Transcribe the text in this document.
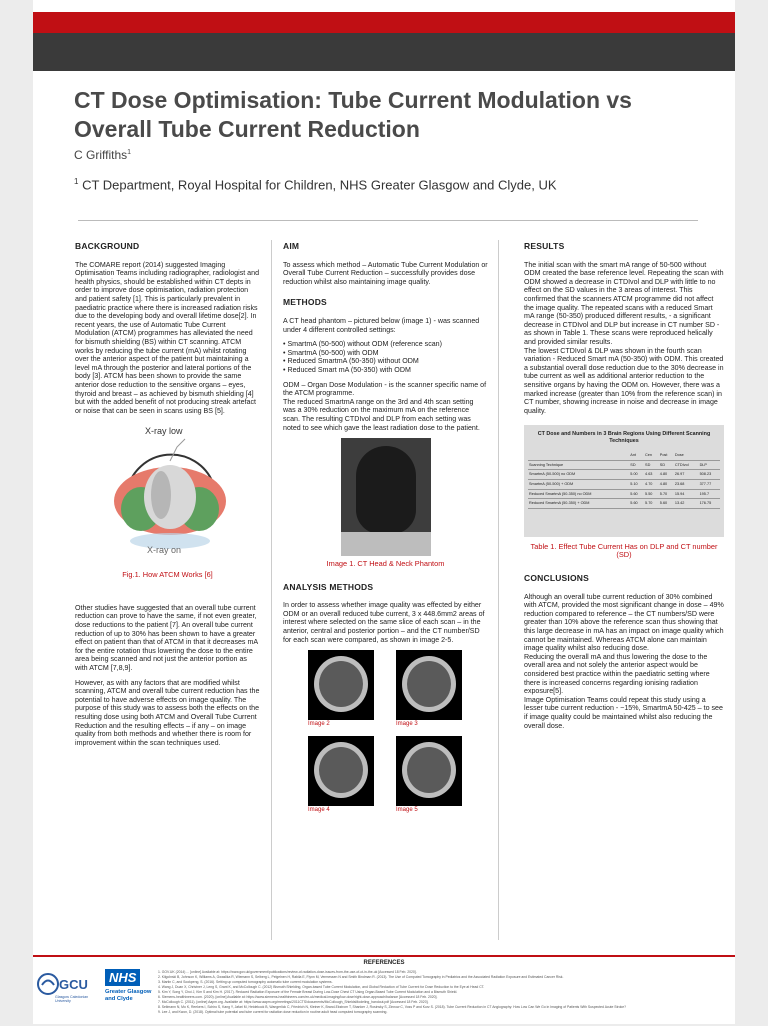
CT Dose Optimisation: Tube Current Modulation vs Overall Tube Current Reduction
C Griffiths$^1$
$^1$ CT Department, Royal Hospital for Children, NHS Greater Glasgow and Clyde, UK
BACKGROUND

The COMARE report (2014) suggested Imaging Optimisation Teams including radiographer, radiologist and health physics, should be established within CT depts in order to improve dose optimisation, radiation protection and patient safety [1]. This is particularly prevalent in paediatric practice where there is increased radiation risks due to the developing body and overall lifetime dose[2]. In recent years, the use of Automatic Tube Current Modulation (ATCM) programmes has alleviated the need for bismuth shielding (BS) within CT scanning. ATCM works by reducing the tube current (mA) whilst rotating over the anterior aspect of the patient but maintaining a level mA through the posterior and lateral portions of the body [3]. ATCM has been shown to provide the same anterior dose reduction to the sensitive organs – eyes, thyroid and breast – as achieved by bismuth shielding [4] but with the added benefit of not producing streak artefact or noise that can be seen in scans using BS [5].

X-ray low
X-ray on
Fig.1. How ATCM Works [6]

Other studies have suggested that an overall tube current reduction can prove to have the same, if not even greater, dose reductions to the patient [7]. An overall tube current reduction of up to 30% has been shown to have a greater effect on patient than that of ATCM in that it decreases mA for the entire rotation thus lowering the dose to the entire area being scanned and not just the anterior portion as with ATCM [7,8,9].

However, as with any factors that are modified whilst scanning, ATCM and overall tube current reduction has the potential to have adverse effects on image quality. The purpose of this study was to assess both the effects on the resulting dose using both ATCM and Overall Tube Current Reduction and the resulting effects – if any – on image quality from both methods and whether there is room for improvement within the scan techniques used.

AIM

To assess which method – Automatic Tube Current Modulation or Overall Tube Current Reduction – successfully provides dose reduction whilst also maintaining image quality.

METHODS

A CT head phantom – pictured below (image 1) - was scanned under 4 different controlled settings:

• SmartmA (50-500) without ODM (reference scan)
• SmartmA (50-500) with ODM
• Reduced SmartmA (50-350) without ODM
• Reduced Smart mA (50-350) with ODM

ODM – Organ Dose Modulation - is the scanner specific name of the ATCM programme.

The reduced SmartmA range on the 3rd and 4th scan setting was a 30% reduction on the maximum mA on the reference scan. The resulting CTDIvol and DLP from each setting was noted to see which gave the least radiation dose to the patient.

Image 1. CT Head & Neck Phantom
ANALYSIS METHODS

In order to assess whether image quality was effected by either ODM or an overall reduced tube current, 3 x 448.6mm2 areas of interest where selected on the same slice of each scan – in the anterior, central and posterior portion – and the CT number/SD for each scan were compared, as shown in image 2-5.

Image 2	Image 3
Image 4	Image 5
RESULTS

The initial scan with the smart mA range of 50-500 without ODM created the base reference level. Repeating the scan with ODM showed a decrease in CTDIvol and DLP with little to no effect on the SD values in the 3 areas of interest. This confirmed that the scanners ATCM programme did not affect the image quality. The repeated scans with a reduced Smart mA range (50-350) produced different results, - a significant decrease in CTDIvol and DLP but increase in CT number SD - as shown in Table 1. These scans were reproduced helically and provided similar results.

The lowest CTDIvol & DLP was shown in the fourth scan variation - Reduced Smart mA (50-350) with ODM. This created a substantial overall dose reduction due to the 30% decrease in tube current as well as additional anterior reduction to the sensitive organs by having the ODM on. However, there was a marked increase (greater than 10% from the reference scan) in CT number, showing increase in noise and decrease in image quality.

CT Dose and Numbers in 3 Brain Regions Using Different Scanning Techniques
	Ant	Cen	Post	Dose	
Scanning Technique	SD	SD	SD	CTDIvol	DLP
SmartmA (50-500) no ODM	5.00	4.63	4.80	26.97	508.23
SmartmA (50-500) + ODM	5.10	4.70	4.80	23.68	377.77
Reduced SmartmA (50-350) no ODM	5.60	5.50	5.70	15.94	195.7
Reduced SmartmA (50-350) + ODM	5.60	5.70	5.60	13.42	176.75
Table 1. Effect Tube Current Has on DLP and CT number (SD)
CONCLUSIONS

Although an overall tube current reduction of 30% combined with ATCM, provided the most significant change in dose – 49% reduction compared to reference – the CT numbers/SD were greater than 10% above the reference scan thus showing that this large decrease in mA has an impact on image quality which cannot be maintained. Whereas ATCM alone can maintain image quality whilst also reducing dose.

Reducing the overall mA and thus lowering the dose to the overall area and not solely the anterior aspect would be considered best practice within the paediatric setting where there is increased concerns regarding ionising radiation exposure[5].

Image Optimisation Teams could repeat this study using a lesser tube current reduction - ~15%, SmartmA 50-425 – to see if image quality could be maintained whilst also reducing the overall dose.

REFERENCES
1. GOV.UK (2014) ... [online] Available at: https://www.gov.uk/government/publications/review-of-radiation-dose-issues-from-the-use-of-ct-in-the-uk [Accessed 18 Feb. 2020].
2. Kilgolnski B, Johnson K, Williams A, Gwaslika R, Wiemann S, Selberg L, Pelgelnen H, Rabila E, Flynn M, Vermessen N and Smith Bindman R. (2013). The Use of Computed Tomography in Pediatrics and the Associated Radiation Exposure and Estimated Cancer Risk.
3. Martin C, and Sookpeng, S. (2016). Setting up computed tomography automatic tube current modulation systems.
4. Wang J, Duan X, Christner J, Leng S, Grant K, and McCollough C. (2012) Bismuth Shielding, Organ-based Tube Current Modulation, and Global Reduction of Tube Current for Dose Reduction to the Eye at Head CT.
5. Kim Y, Song Y, Choi J, Kim S and Kim H. (2017). Reduced Radiation Exposure of the Female Breast During Low-Dose Chest CT Using Organ-Based Tube Current Modulation and a Bismuth Shield.
6. Siemens-healthineers.com. (2020). [online] Available at: https://www.siemens-healthineers.com/en-uk/medical-imaging/low-dose/right-dose-approach/balance [Accessed 18 Feb. 2020].
7. McCollough C. (2011). [online] Aapm.org. Available at: https://www.aapm.org/meetings/2011CTS/documents/McCollough_ShieldsModeling_handout.pdf [Accessed 18 Feb. 2020].
8. Seilmann N, Mo K, Reekers I, Schiro S, Kang Y, Jafari M, Heidekock B, Wangerlick C, Friedrich N, Kleiner K, Brand-Ekstrom T, Shanker J, Rosinsky S, Zinnow C, Voss P and Kurz S. (2018). Tube Current Reduction in CT Angiography: How Low Can We Go in Imaging of Patients With Suspected Acute Stroke?
9. Lee J, and Kwon, D. (2018). Optimal tube potential and tube current for radiation dose reduction in routine adult head computed tomography scanning.
GCU
Glasgow Caledonian University
NHS
Greater Glasgow and Clyde
